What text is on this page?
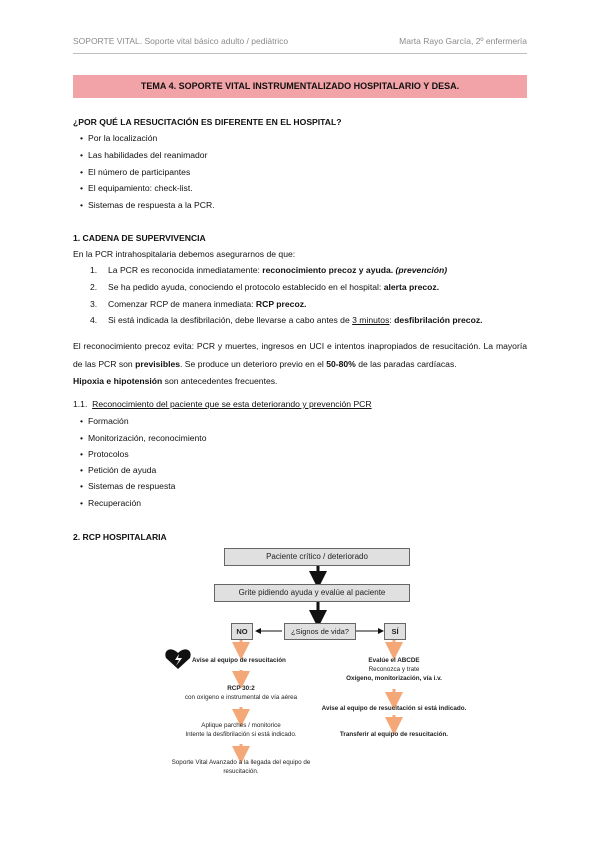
SOPORTE VITAL. Soporte vital básico adulto / pediátrico	Marta Rayo García, 2º enfermería
TEMA 4. SOPORTE VITAL INSTRUMENTALIZADO HOSPITALARIO Y DESA.
¿POR QUÉ LA RESUCITACIÓN ES DIFERENTE EN EL HOSPITAL?
• Por la localización
• Las habilidades del reanimador
• El número de participantes
• El equipamiento: check-list.
• Sistemas de respuesta a la PCR.
1. CADENA DE SUPERVIVENCIA
En la PCR intrahospitalaria debemos asegurarnos de que:
1. La PCR es reconocida inmediatamente: reconocimiento precoz y ayuda. (prevención)
2. Se ha pedido ayuda, conociendo el protocolo establecido en el hospital: alerta precoz.
3. Comenzar RCP de manera inmediata: RCP precoz.
4. Si está indicada la desfibrilación, debe llevarse a cabo antes de 3 minutos: desfibrilación precoz.
El reconocimiento precoz evita: PCR y muertes, ingresos en UCI e intentos inapropiados de resucitación. La mayoría de las PCR son previsibles. Se produce un deterioro previo en el 50-80% de las paradas cardíacas.
Hipoxia e hipotensión son antecedentes frecuentes.
1.1. Reconocimiento del paciente que se esta deteriorando y prevención PCR
• Formación
• Monitorización, reconocimiento
• Protocolos
• Petición de ayuda
• Sistemas de respuesta
• Recuperación
2. RCP HOSPITALARIA
Paciente crítico / deteriorado
Grite pidiendo ayuda y evalúe al paciente
¿Signos de vida?
NO	SÍ
Avise al equipo de resucitación
RCP 30:2
con oxígeno e instrumental de vía aérea
Aplique parches / monitorice
Intente la desfibrilación si está indicado.
Soporte Vital Avanzado a la llegada del equipo de
resucitación.
Evalúe el ABCDE
Reconozca y trate
Oxígeno, monitorización, vía i.v.
Avise al equipo de resucitación si está indicado.
Transferir al equipo de resucitación.
